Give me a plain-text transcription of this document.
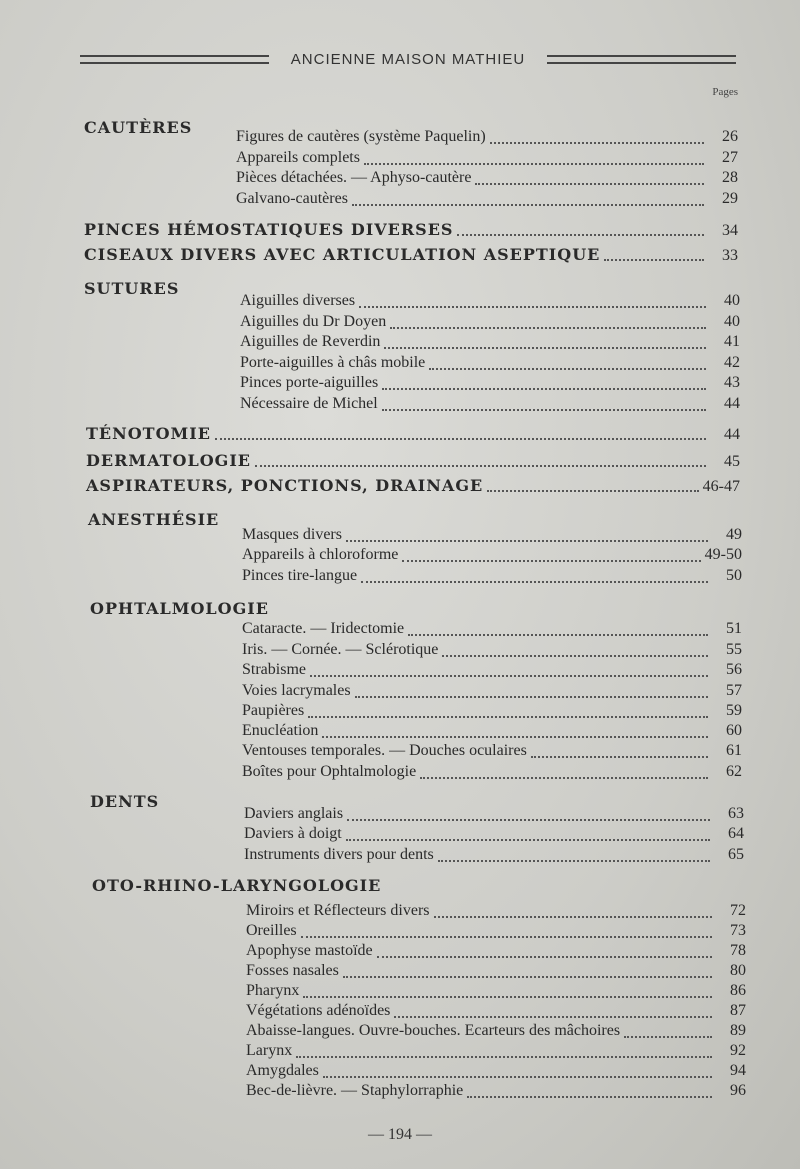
ANCIENNE MAISON MATHIEU
Pages
CAUTÈRES	Figures de cautères (système Paquelin)	26
Appareils complets	27
Pièces détachées. — Aphyso-cautère	28
Galvano-cautères	29
PINCES HÉMOSTATIQUES DIVERSES	34
CISEAUX DIVERS AVEC ARTICULATION ASEPTIQUE	33
SUTURES
Aiguilles diverses	40
Aiguilles du Dr Doyen	40
Aiguilles de Reverdin	41
Porte-aiguilles à châs mobile	42
Pinces porte-aiguilles	43
Nécessaire de Michel	44
TÉNOTOMIE	44
DERMATOLOGIE	45
ASPIRATEURS, PONCTIONS, DRAINAGE	46-47
ANESTHÉSIE
Masques divers	49
Appareils à chloroforme	49-50
Pinces tire-langue	50
OPHTALMOLOGIE
Cataracte. — Iridectomie	51
Iris. — Cornée. — Sclérotique	55
Strabisme	56
Voies lacrymales	57
Paupières	59
Enucléation	60
Ventouses temporales. — Douches oculaires	61
Boîtes pour Ophtalmologie	62
DENTS
Daviers anglais	63
Daviers à doigt	64
Instruments divers pour dents	65
OTO-RHINO-LARYNGOLOGIE
Miroirs et Réflecteurs divers	72
Oreilles	73
Apophyse mastoïde	78
Fosses nasales	80
Pharynx	86
Végétations adénoïdes	87
Abaisse-langues. Ouvre-bouches. Ecarteurs des mâchoires	89
Larynx	92
Amygdales	94
Bec-de-lièvre. — Staphylorraphie	96
— 194 —
